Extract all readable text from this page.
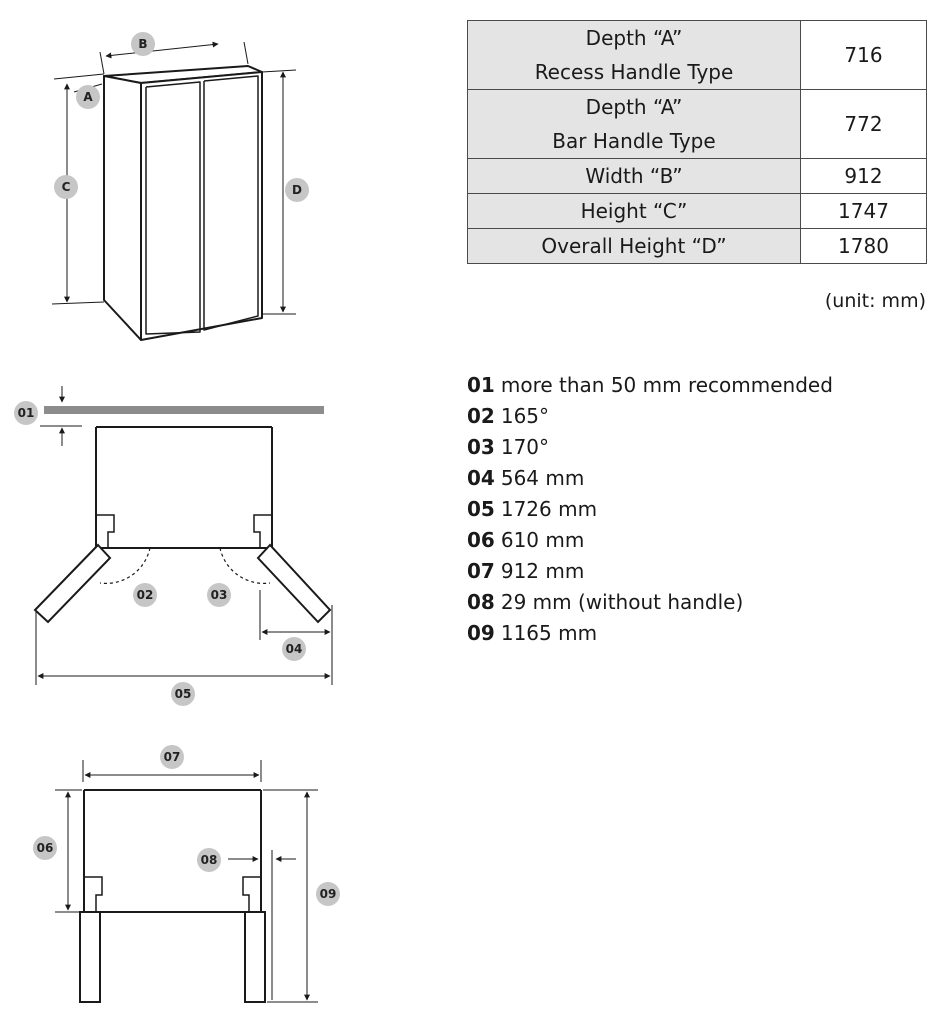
B
A
C	D
01
02	03
04
05
06
07
08
09
Depth “A”
Recess Handle Type	716

Depth “A”
Bar Handle Type	772
Width “B”	912
Height “C”	1747
Overall Height “D”	1780
(unit: mm)
01 more than 50 mm recommended
02 165°
03 170°
04 564 mm
05 1726 mm
06 610 mm
07 912 mm
08 29 mm (without handle)
09 1165 mm
